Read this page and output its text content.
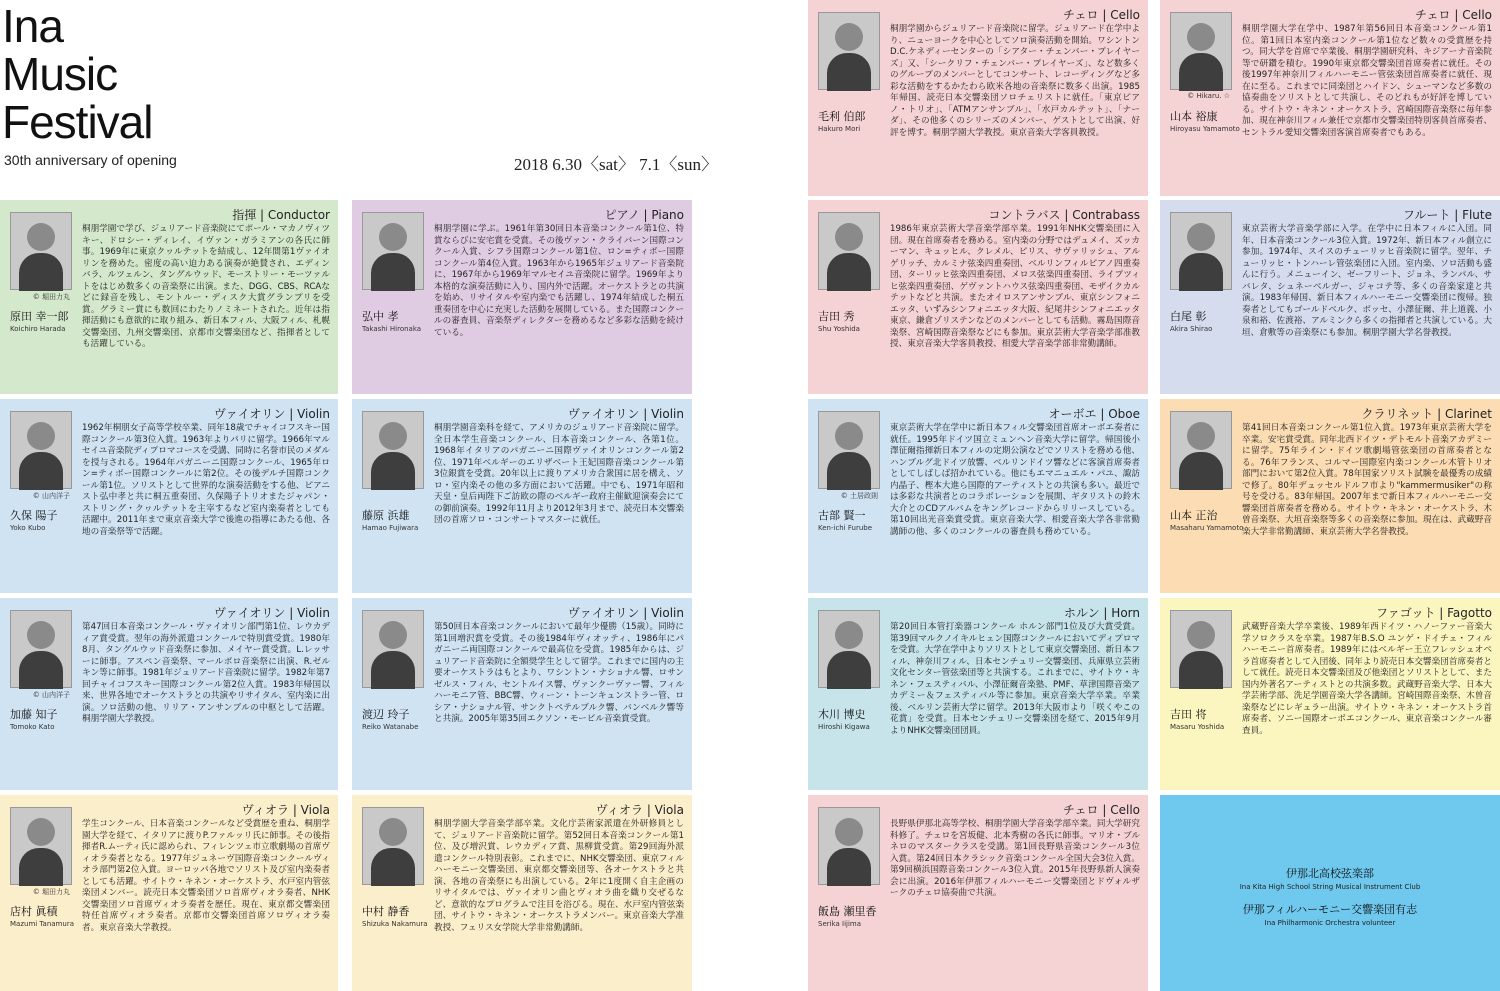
Ina
Music
Festival
30th anniversary of opening	2018 6.30〈sat〉 7.1〈sun〉
指揮 | Conductor
© 堀田力丸
原田 幸一郎
Koichiro Harada
桐朋学園で学び、ジュリアード音楽院にてポール・マカノヴィツキー、ドロシー・ディレイ、イヴァン・ガラミアンの各氏に師事。1969年に東京クヮルテットを結成し、12年間第1ヴァイオリンを務めた。密度の高い迫力ある演奏が絶賛され、エディンバラ、ルツェルン、タングルウッド、モーストリー・モーツァルトをはじめ数多くの音楽祭に出演。また、DGG、CBS、RCAなどに録音を残し、モントルー・ディスク大賞グランプリを受賞。グラミー賞にも数回にわたりノミネートされた。近年は指揮活動にも意欲的に取り組み、新日本フィル、大阪フィル、札幌交響楽団、九州交響楽団、京都市交響楽団など、指揮者としても活躍している。
ピアノ | Piano
弘中 孝
Takashi Hironaka
桐朋学園に学ぶ。1961年第30回日本音楽コンクール第1位、特賞ならびに安宅賞を受賞。その後ヴァン・クライバーン国際コンクール入賞、シフラ国際コンクール第1位、ロン=ティボー国際コンクール第4位入賞。1963年から1965年ジュリアード音楽院に、1967年から1969年マルセイユ音楽院に留学。1969年より本格的な演奏活動に入り、国内外で活躍。オーケストラとの共演を始め、リサイタルや室内楽でも活躍し、1974年結成した桐五重奏団を中心に充実した活動を展開している。また国際コンクールの審査員、音楽祭ディレクターを務めるなど多彩な活動を続けている。
ヴァイオリン | Violin
© 山内洋子
久保 陽子
Yoko Kubo
1962年桐朋女子高等学校卒業、同年18歳でチャイコフスキー国際コンクール第3位入賞。1963年よりパリに留学。1966年マルセイユ音楽院ディプロマコースを受講、同時に名誉市民のメダルを授与される。1964年パガニーニ国際コンクール、1965年ロン=ティボー国際コンクールに第2位。その後デルチ国際コンクール第1位。ソリストとして世界的な演奏活動をする他、ピアニスト弘中孝と共に桐五重奏団、久保陽子トリオまたジャパン・ストリング・クヮルテットを主宰するなど室内楽奏者としても活躍中。2011年まで東京音楽大学で後進の指導にあたる他、各地の音楽祭等で活躍。
ヴァイオリン | Violin
藤原 浜雄
Hamao Fujiwara
桐朋学園音楽科を経て、アメリカのジュリアード音楽院に留学。全日本学生音楽コンクール、日本音楽コンクール、各第1位。1968年イタリアのパガニーニ国際ヴァイオリンコンクール第2位、1971年ベルギーのエリザベート王妃国際音楽コンクール第3位銀賞を受賞。20年以上に渡りアメリカ合衆国に居を構え、ソロ・室内楽その他の多方面において活躍。中でも、1971年昭和天皇・皇后両陛下ご訪欧の際のベルギー政府主催歓迎演奏会にての御前演奏。1992年11月より2012年3月まで、読売日本交響楽団の首席ソロ・コンサートマスターに就任。
ヴァイオリン | Violin
© 山内洋子
加藤 知子
Tomoko Kato
第47回日本音楽コンクール・ヴァイオリン部門第1位、レウカディア賞受賞。翌年の海外派遣コンクールで特別賞受賞。1980年8月、タングルウッド音楽祭に参加、メイヤー賞受賞。L.レッサーに師事。アスペン音楽祭、マールボロ音楽祭に出演、R.ゼルキン等に師事。1981年ジュリアード音楽院に留学。1982年第7回チャイコフスキー国際コンクール第2位入賞。1983年帰国以来、世界各地でオーケストラとの共演やリサイタル、室内楽に出演。ソロ活動の他、リリア・アンサンブルの中枢として活躍。桐朋学園大学教授。
ヴァイオリン | Violin
渡辺 玲子
Reiko Watanabe
第50回日本音楽コンクールにおいて最年少優勝（15歳）。同時に第1回増沢賞を受賞。その後1984年ヴィオッティ、1986年にパガニーニ両国際コンクールで最高位を受賞。1985年からは、ジュリアード音楽院に全額奨学生として留学。これまでに国内の主要オーケストラはもとより、ワシントン・ナショナル響、ロサンゼルス・フィル、セントルイス響、ヴァンクーヴァー響、フィルハーモニア管、BBC響、ウィーン・トーンキュンストラー管、ロシア・ナショナル管、サンクトペテルブルク響、バンベルク響等と共演。2005年第35回エクソン・モービル音楽賞受賞。
ヴィオラ | Viola
© 堀田力丸
店村 眞積
Mazumi Tanamura
学生コンクール、日本音楽コンクールなど受賞歴を重ね、桐朋学園大学を経て、イタリアに渡りP.ファルッリ氏に師事。その後指揮者R.ムーティ氏に認められ、フィレンツェ市立歌劇場の首席ヴィオラ奏者となる。1977年ジュネーヴ国際音楽コンクールヴィオラ部門第2位入賞。ヨーロッパ各地でソリスト及び室内楽奏者としても活躍。サイトウ・キネン・オーケストラ、水戸室内管弦楽団メンバー。読売日本交響楽団ソロ首席ヴィオラ奏者、NHK交響楽団ソロ首席ヴィオラ奏者を歴任。現在、東京都交響楽団特任首席ヴィオラ奏者。京都市交響楽団首席ソロヴィオラ奏者。東京音楽大学教授。
ヴィオラ | Viola
中村 静香
Shizuka Nakamura
桐朋学園大学音楽学部卒業。文化庁芸術家派遣在外研修員として、ジュリアード音楽院に留学。第52回日本音楽コンクール第1位、及び増沢賞、レウカディア賞、黒柳賞受賞。第29回海外派遣コンクール特別表彰。これまでに、NHK交響楽団、東京フィルハーモニー交響楽団、東京都交響楽団等、各オーケストラと共演、各地の音楽祭にも出演している。2年に1度開く自主企画のリサイタルでは、ヴァイオリン曲とヴィオラ曲を織り交ぜるなど、意欲的なプログラムで注目を浴びる。現在、水戸室内管弦楽団、サイトウ・キネン・オーケストラメンバー。東京音楽大学准教授、フェリス女学院大学非常勤講師。
チェロ | Cello
毛利 伯郎
Hakuro Mori
桐朋学園からジュリアード音楽院に留学。ジュリアード在学中より、ニューヨークを中心としてソロ演奏活動を開始。ワシントンD.C.ケネディーセンターの「シアター・チェンバー・プレイヤーズ」又、「シークリフ・チェンバー・プレイヤーズ」、など数多くのグループのメンバーとしてコンサート、レコーディングなど多彩な活動をするかたわら欧米各地の音楽祭に数多く出演。1985年帰国、読売日本交響楽団ソロチェリストに就任。「東京ピアノ・トリオ」、「ATMアンサンブル」、「水戸カルテット」、「ナーダ」、その他多くのシリーズのメンバー、ゲストとして出演、好評を博す。桐朋学園大学教授。東京音楽大学客員教授。
チェロ | Cello
© Hikaru. ☆
山本 裕康
Hiroyasu Yamamoto
桐朋学園大学在学中、1987年第56回日本音楽コンクール第1位。第1回日本室内楽コンクール第1位など数々の受賞歴を持つ。同大学を首席で卒業後、桐朋学園研究科、キジアーナ音楽院等で研鑽を積む。1990年東京都交響楽団首席奏者に就任。その後1997年神奈川フィルハーモニー管弦楽団首席奏者に就任、現在に至る。これまでに同楽団とハイドン、シューマンなど多数の協奏曲をソリストとして共演し、そのどれもが好評を博している。サイトウ・キネン・オーケストラ、宮崎国際音楽祭に毎年参加、現在神奈川フィル兼任で京都市交響楽団特別客員首席奏者、セントラル愛知交響楽団客演首席奏者でもある。
コントラバス | Contrabass
吉田 秀
Shu Yoshida
1986年東京芸術大学音楽学部卒業。1991年NHK交響楽団に入団。現在首席奏者を務める。室内楽の分野ではデュメイ、ズッカーマン、キュッヒル、クレメル、ピリス、サヴァリッシュ、アルゲリッチ、カルミナ弦楽四重奏団、ベルリンフィルピアノ四重奏団、ターリッヒ弦楽四重奏団、メロス弦楽四重奏団、ライプツィヒ弦楽四重奏団、ゲヴァントハウス弦楽四重奏団、モザイクカルテットなどと共演。またオイロスアンサンブル、東京シンフォニエッタ、いずみシンフォニエッタ大阪、紀尾井シンフォニエッタ東京、鎌倉ゾリステンなどのメンバーとしても活動。霧島国際音楽祭、宮崎国際音楽祭などにも参加。東京芸術大学音楽学部准教授、東京音楽大学客員教授、相愛大学音楽学部非常勤講師。
フルート | Flute
白尾 彰
Akira Shirao
東京芸術大学音楽学部に入学。在学中に日本フィルに入団。同年、日本音楽コンクール3位入賞。1972年、新日本フィル創立に参加。1974年、スイスのチューリッヒ音楽院に留学。翌年、チューリッヒ・トンハーレ管弦楽団に入団。室内楽、ソロ活動も盛んに行う。メニューイン、ゼーフリート、ジョネ、ランパル、サバレタ、シュネーベルガー、ジャコテ等、多くの音楽家達と共演。1983年帰国、新日本フィルハーモニー交響楽団に復帰。独奏者としてもゴールドベルク、ボッセ、小澤征爾、井上道義、小泉和裕、佐渡裕、アルミンクら多くの指揮者と共演している。大垣、倉敷等の音楽祭にも参加。桐朋学園大学名誉教授。
オーボエ | Oboe
© 土居政則
古部 賢一
Ken-ichi Furube
東京芸術大学在学中に新日本フィル交響楽団首席オーボエ奏者に就任。1995年ドイツ国立ミュンヘン音楽大学に留学。帰国後小澤征爾指揮新日本フィルの定期公演などでソリストを務める他、ハンブルグ北ドイツ放響、ベルリンドイツ響などに客演首席奏者としてしばしば招かれている。他にもエマニュエル・パユ、諏訪内晶子、樫本大進ら国際的アーティストとの共演も多い。最近では多彩な共演者とのコラボレーションを展開、ギタリストの鈴木大介とのCDアルバムをキングレコードからリリースしている。第10回出光音楽賞受賞。東京音楽大学、相愛音楽大学各非常勤講師の他、多くのコンクールの審査員も務めている。
クラリネット | Clarinet
山本 正治
Masaharu Yamamoto
第41回日本音楽コンクール第1位入賞。1973年東京芸術大学を卒業。安宅賞受賞。同年北西ドイツ・デトモルト音楽アカデミーに留学。75年ライン・ドイツ歌劇場管弦楽団の首席奏者となる。76年フランス、コルマー国際室内楽コンクール木管トリオ部門において第2位入賞。78年国家ソリスト試験を最優秀の成績で修了。80年デュッセルドルフ市より"kammermusiker"の称号を受ける。83年帰国。2007年まで新日本フィルハーモニー交響楽団首席奏者を務める。サイトウ・キネン・オーケストラ、木曽音楽祭、大垣音楽祭等多くの音楽祭に参加。現在は、武蔵野音楽大学非常勤講師、東京芸術大学名誉教授。
ホルン | Horn
木川 博史
Hiroshi Kigawa
第20回日本管打楽器コンクール ホルン部門1位及び大賞受賞。第39回マルクノイキルヒェン国際コンクールにおいてディプロマを受賞。大学在学中よりソリストとして東京交響楽団、新日本フィル、神奈川フィル、日本センチュリー交響楽団、兵庫県立芸術文化センター管弦楽団等と共演する。これまでに、サイトウ・キネン・フェスティバル、小澤征爾音楽塾、PMF、草津国際音楽アカデミー＆フェスティバル等に参加。東京音楽大学卒業。卒業後、ベルリン芸術大学に留学。2013年大阪市より「咲くやこの花賞」を受賞。日本センチュリー交響楽団を経て、2015年9月よりNHK交響楽団団員。
ファゴット | Fagotto
吉田 将
Masaru Yoshida
武蔵野音楽大学卒業後、1989年西ドイツ・ハノーファー音楽大学ソロクラスを卒業。1987年B.S.O ユンゲ・ドイチェ・フィルハーモニー首席奏者。1989年にはベルギー王立フレッシュオペラ首席奏者として入団後、同年より読売日本交響楽団首席奏者として就任。読売日本交響楽団及び他楽団とソリストとして、また国内外著名アーティストとの共演多数。武蔵野音楽大学、日本大学芸術学部、洗足学園音楽大学各講師。宮崎国際音楽祭、木曽音楽祭などにレギュラー出演。サイトウ・キネン・オーケストラ首席奏者、ソニー国際オーボエコンクール、東京音楽コンクール審査員。
チェロ | Cello
飯島 瀬里香
Serika Iijima
長野県伊那北高等学校、桐朋学園大学音楽学部卒業。同大学研究科修了。チェロを宮坂健、北本秀樹の各氏に師事。マリオ・ブルネロのマスタークラスを受講。第1回長野県音楽コンクール3位入賞。第24回日本クラシック音楽コンクール全国大会3位入賞。第9回横浜国際音楽コンクール3位入賞。2015年長野県新人演奏会に出演。2016年伊那フィルハーモニー交響楽団とドヴォルザークのチェロ協奏曲で共演。
伊那北高校弦楽部
Ina Kita High School String Musical Instrument Club
伊那フィルハーモニー交響楽団有志
Ina Philharmonic Orchestra volunteer
